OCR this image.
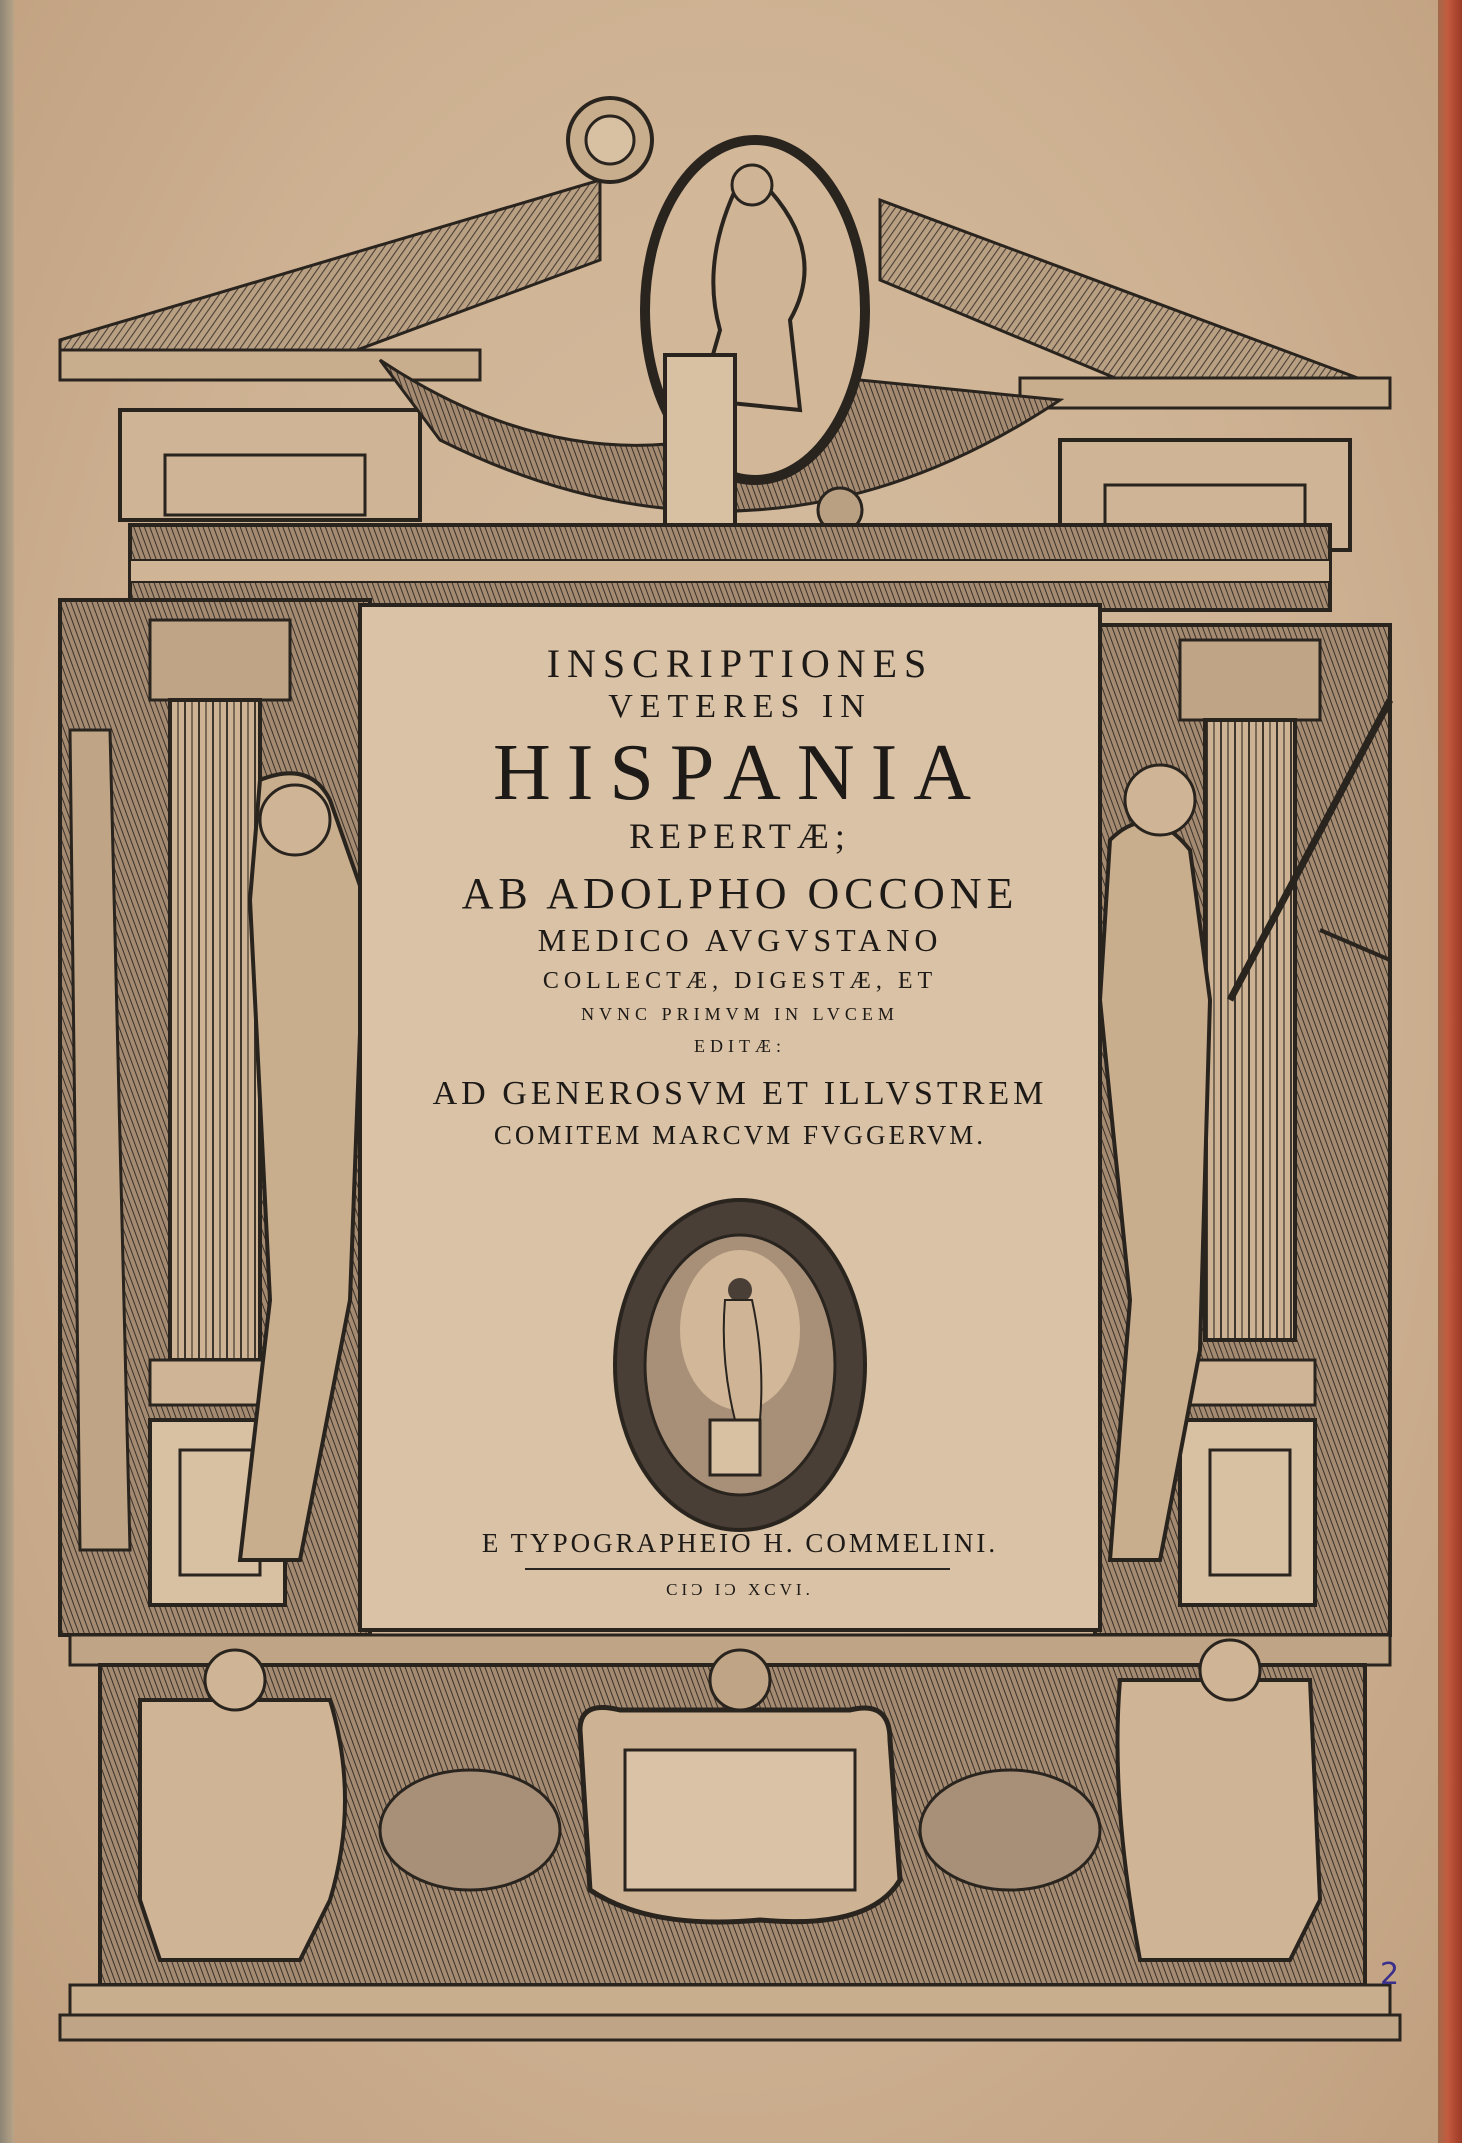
INSCRIPTIONES
VETERES IN
HISPANIA
REPERTÆ;
AB ADOLPHO OCCONE
MEDICO AVGVSTANO
COLLECTÆ, DIGESTÆ, ET
NVNC PRIMVM IN LVCEM
EDITÆ:
AD GENEROSVM ET ILLVSTREM
COMITEM MARCVM FVGGERVM.
E TYPOGRAPHEIO H. COMMELINI.
CIƆ IƆ XCVI.
2
